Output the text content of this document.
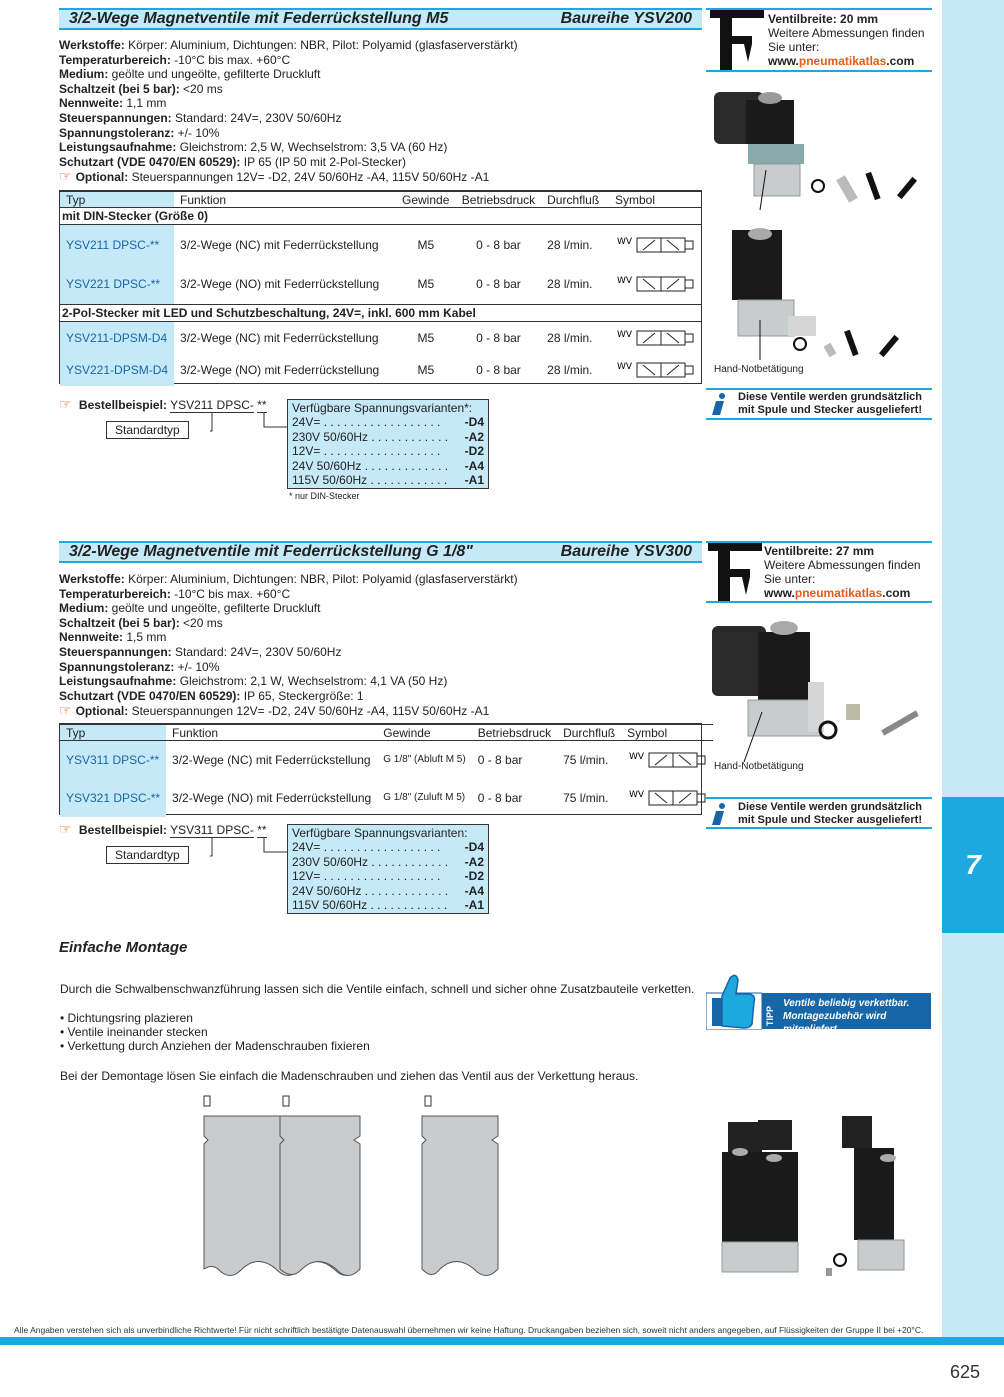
7
3/2-Wege Magnetventile mit Federrückstellung M5	Baureihe YSV200
Werkstoffe: Körper: Aluminium, Dichtungen: NBR, Pilot: Polyamid (glasfaserverstärkt)
Temperaturbereich: -10°C bis max. +60°C
Medium: geölte und ungeölte, gefilterte Druckluft
Schaltzeit (bei 5 bar): <20 ms
Nennweite: 1,1 mm
Steuerspannungen: Standard: 24V=, 230V 50/60Hz
Spannungstoleranz: +/- 10%
Leistungsaufnahme: Gleichstrom: 2,5 W, Wechselstrom: 3,5 VA (60 Hz)
Schutzart (VDE 0470/EN 60529): IP 65 (IP 50 mit 2-Pol-Stecker)
☞ Optional: Steuerspannungen 12V= -D2, 24V 50/60Hz -A4, 115V 50/60Hz -A1
Typ	Funktion	Gewinde	Betriebsdruck	Durchfluß	Symbol
mit DIN-Stecker (Größe 0)					
YSV211 DPSC-**	3/2-Wege (NC) mit Federrückstellung	M5	0 - 8 bar	28 l/min.	WV

YSV221 DPSC-**	3/2-Wege (NO) mit Federrückstellung	M5	0 - 8 bar	28 l/min.	WV

2-Pol-Stecker mit LED und Schutzbeschaltung, 24V=, inkl. 600 mm Kabel					
YSV211-DPSM-D4	3/2-Wege (NC) mit Federrückstellung	M5	0 - 8 bar	28 l/min.	WV

YSV221-DPSM-D4	3/2-Wege (NO) mit Federrückstellung	M5	0 - 8 bar	28 l/min.	WV
☞ Bestellbeispiel: YSV211 DPSC- **
Standardtyp
Verfügbare Spannungsvarianten*:
24V= . . . . . . . . . . . . . . . . . . -D4
230V 50/60Hz . . . . . . . . . . . . -A2
12V= . . . . . . . . . . . . . . . . . . -D2
24V 50/60Hz . . . . . . . . . . . . . -A4
115V 50/60Hz . . . . . . . . . . . . -A1
* nur DIN-Stecker
Ventilbreite: 20 mm
Weitere Abmessungen finden Sie unter:
www.pneumatikatlas.com
Hand-Notbetätigung
Diese Ventile werden grundsätzlich mit Spule und Stecker ausgeliefert!
3/2-Wege Magnetventile mit Federrückstellung G 1/8"	Baureihe YSV300
Werkstoffe: Körper: Aluminium, Dichtungen: NBR, Pilot: Polyamid (glasfaserverstärkt)
Temperaturbereich: -10°C bis max. +60°C
Medium: geölte und ungeölte, gefilterte Druckluft
Schaltzeit (bei 5 bar): <20 ms
Nennweite: 1,5 mm
Steuerspannungen: Standard: 24V=, 230V 50/60Hz
Spannungstoleranz: +/- 10%
Leistungsaufnahme: Gleichstrom: 2,1 W, Wechselstrom: 4,1 VA (50 Hz)
Schutzart (VDE 0470/EN 60529): IP 65, Steckergröße: 1
☞ Optional: Steuerspannungen 12V= -D2, 24V 50/60Hz -A4, 115V 50/60Hz -A1
Typ	Funktion	Gewinde	Betriebsdruck	Durchfluß	Symbol
YSV311 DPSC-**	3/2-Wege (NC) mit Federrückstellung	G 1/8" (Abluft M 5)	0 - 8 bar	75 l/min.	WV

YSV321 DPSC-**	3/2-Wege (NO) mit Federrückstellung	G 1/8" (Zuluft M 5)	0 - 8 bar	75 l/min.	WV
☞ Bestellbeispiel: YSV311 DPSC- **
Standardtyp
Verfügbare Spannungsvarianten:
24V= . . . . . . . . . . . . . . . . . . -D4
230V 50/60Hz . . . . . . . . . . . . -A2
12V= . . . . . . . . . . . . . . . . . . -D2
24V 50/60Hz . . . . . . . . . . . . . -A4
115V 50/60Hz . . . . . . . . . . . . -A1
Ventilbreite: 27 mm
Weitere Abmessungen finden Sie unter:
www.pneumatikatlas.com
Hand-Notbetätigung
Diese Ventile werden grundsätzlich mit Spule und Stecker ausgeliefert!
Einfache Montage
Durch die Schwalbenschwanzführung lassen sich die Ventile einfach, schnell und sicher ohne Zusatzbauteile verketten.
• Dichtungsring plazieren
• Ventile ineinander stecken
• Verkettung durch Anziehen der Madenschrauben fixieren
Bei der Demontage lösen Sie einfach die Madenschrauben und ziehen das Ventil aus der Verkettung heraus.
TIPP
Ventile beliebig verkettbar. Montagezubehör wird mitgeliefert.
Alle Angaben verstehen sich als unverbindliche Richtwerte! Für nicht schriftlich bestätigte Datenauswahl übernehmen wir keine Haftung. Druckangaben beziehen sich, soweit nicht anders angegeben, auf Flüssigkeiten der Gruppe II bei +20°C.
625
